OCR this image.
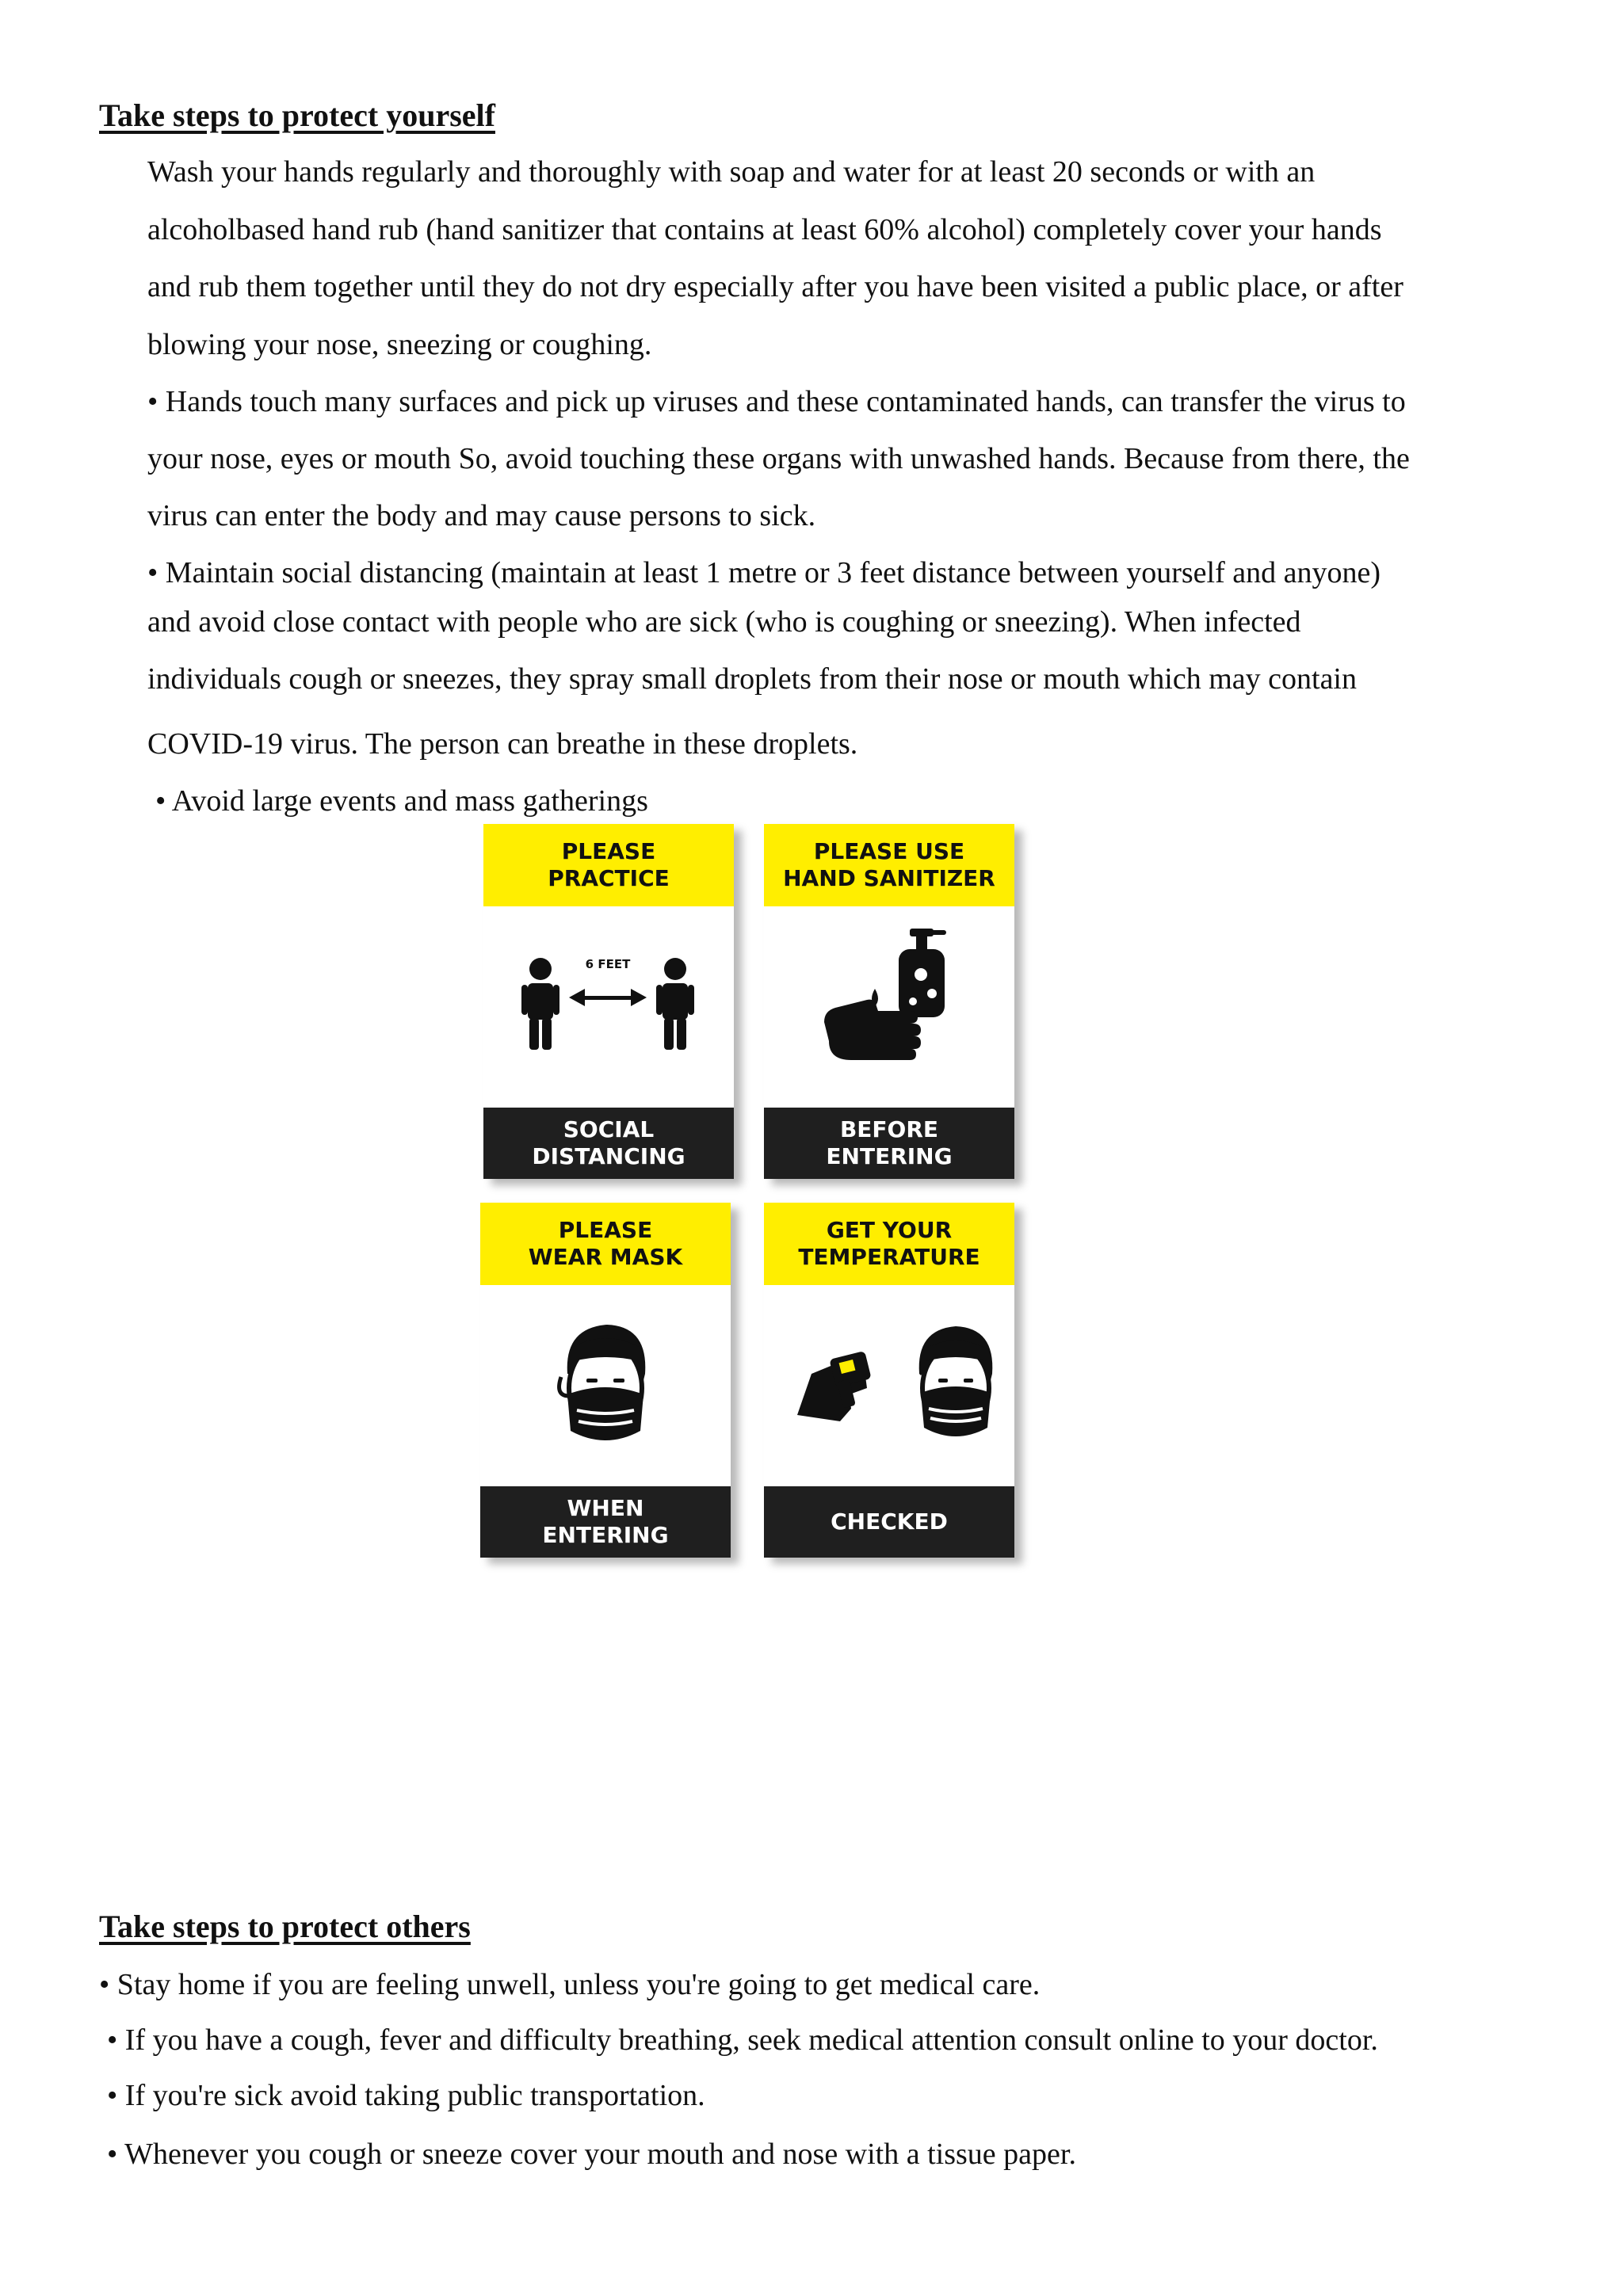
Take steps to protect yourself
Wash your hands regularly and thoroughly with soap and water for at least 20 seconds or with an
alcoholbased hand rub (hand sanitizer that contains at least 60% alcohol) completely cover your hands
and rub them together until they do not dry especially after you have been visited a public place, or after
blowing your nose, sneezing or coughing.
• Hands touch many surfaces and pick up viruses and these contaminated hands, can transfer the virus to
your nose, eyes or mouth So, avoid touching these organs with unwashed hands. Because from there, the
virus can enter the body and may cause persons to sick.
• Maintain social distancing (maintain at least 1 metre or 3 feet distance between yourself and anyone)
and avoid close contact with people who are sick (who is coughing or sneezing). When infected
individuals cough or sneezes, they spray small droplets from their nose or mouth which may contain
COVID-19 virus. The person can breathe in these droplets.
• Avoid large events and mass gatherings
PLEASE
PRACTICE
6 FEET
SOCIAL
DISTANCING
PLEASE USE
HAND SANITIZER
BEFORE
ENTERING
PLEASE
WEAR MASK
WHEN
ENTERING
GET YOUR
TEMPERATURE
CHECKED
Take steps to protect others
• Stay home if you are feeling unwell, unless you're going to get medical care.
• If you have a cough, fever and difficulty breathing, seek medical attention consult online to your doctor.
• If you're sick avoid taking public transportation.
• Whenever you cough or sneeze cover your mouth and nose with a tissue paper.
